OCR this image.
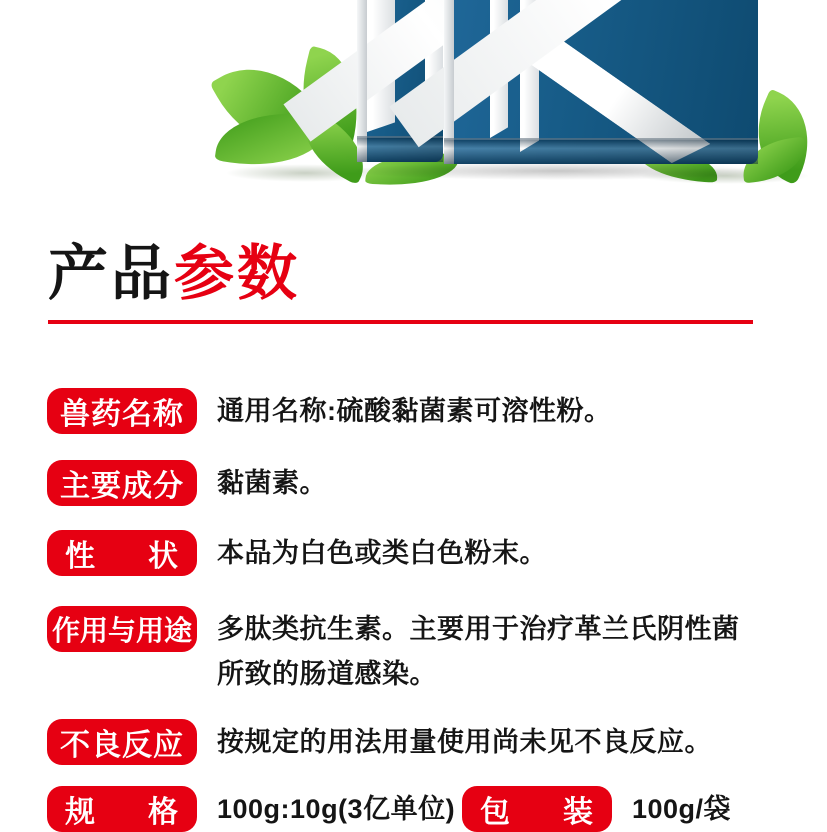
产品参数
兽药名称 通用名称:硫酸黏菌素可溶性粉。
主要成分 黏菌素。
性状	本品为白色或类白色粉末。
作用与用途 多肽类抗生素。主要用于治疗革兰氏阴性菌所致的肠道感染。
不良反应 按规定的用法用量使用尚未见不良反应。
规格	100g:10g(3亿单位) 包装	100g/袋
